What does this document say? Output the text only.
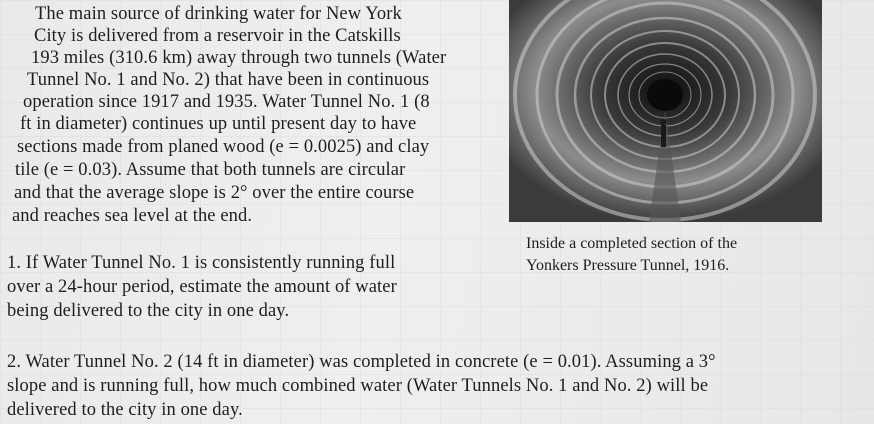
The main source of drinking water for New York
City is delivered from a reservoir in the Catskills
193 miles (310.6 km) away through two tunnels (Water
Tunnel No. 1 and No. 2) that have been in continuous
operation since 1917 and 1935. Water Tunnel No. 1 (8
ft in diameter) continues up until present day to have
sections made from planed wood (e = 0.0025) and clay
tile (e = 0.03). Assume that both tunnels are circular
and that the average slope is 2° over the entire course
and reaches sea level at the end.
Inside a completed section of the
Yonkers Pressure Tunnel, 1916.
1. If Water Tunnel No. 1 is consistently running full
over a 24-hour period, estimate the amount of water
being delivered to the city in one day.
2. Water Tunnel No. 2 (14 ft in diameter) was completed in concrete (e = 0.01). Assuming a 3°
slope and is running full, how much combined water (Water Tunnels No. 1 and No. 2) will be
delivered to the city in one day.
